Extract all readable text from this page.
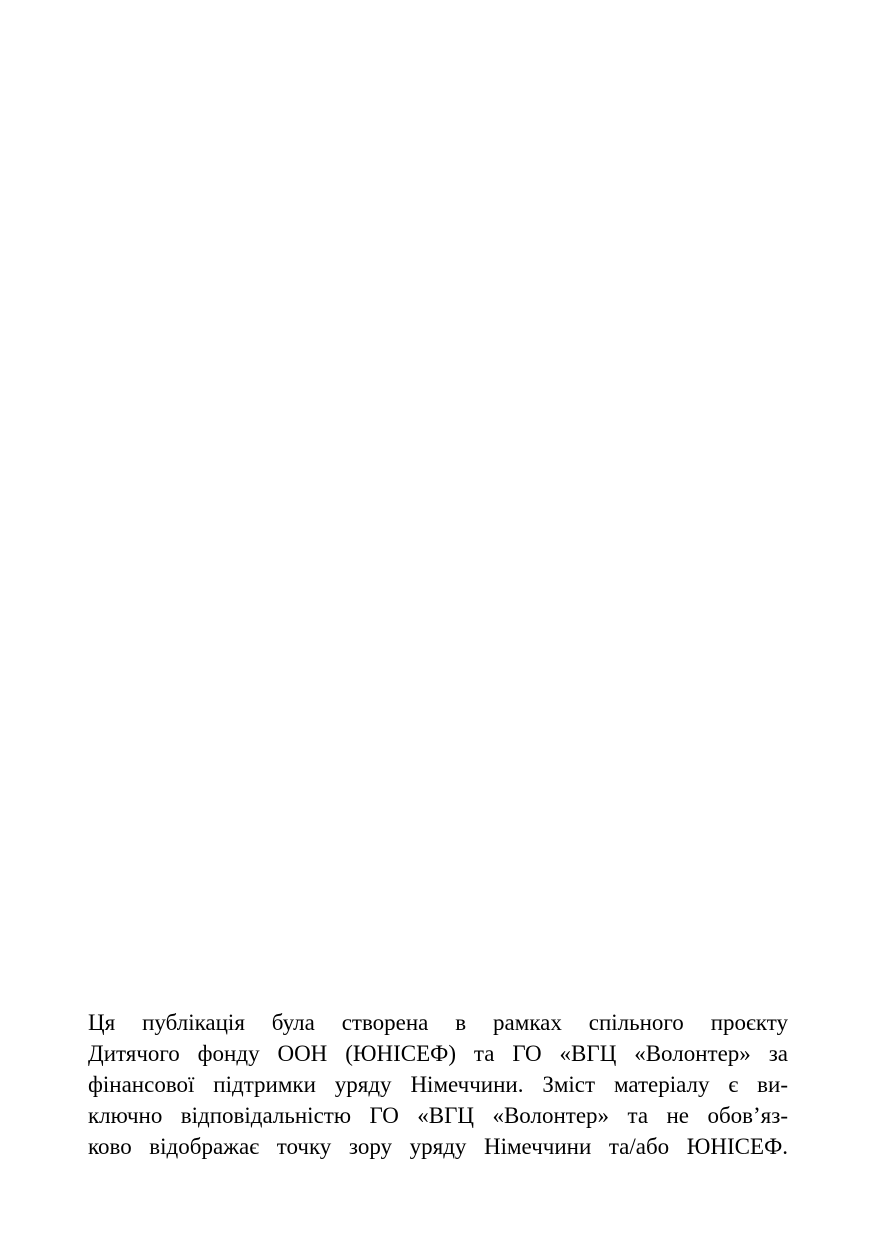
Ця публікація була створена в рамках спільного проєкту
Дитячого фонду ООН (ЮНІСЕФ) та ГО «ВГЦ «Волонтер» за
фінансової підтримки уряду Німеччини. Зміст матеріалу є ви-
ключно відповідальністю ГО «ВГЦ «Волонтер» та не обовʼяз-
ково відображає точку зору уряду Німеччини та/або ЮНІСЕФ.
